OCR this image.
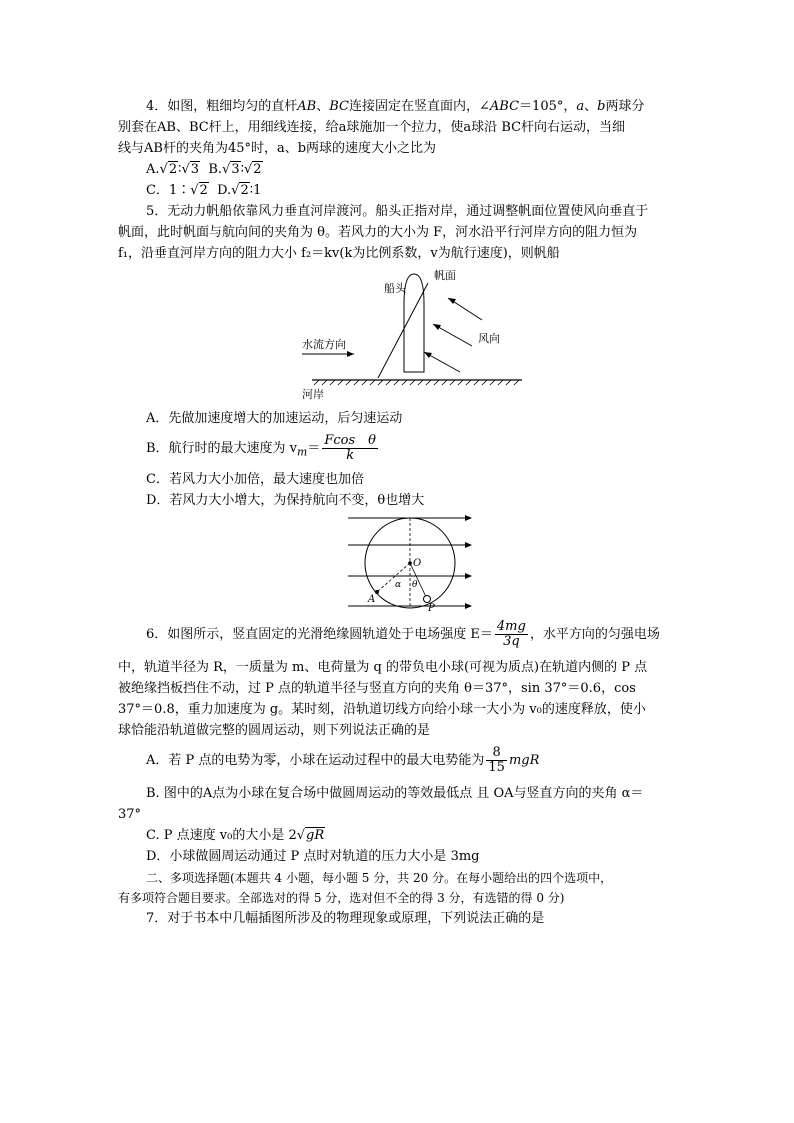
4．如图，粗细均匀的直杆AB、BC连接固定在竖直面内，∠ABC＝105°，a、b两球分
别套在AB、BC杆上，用细线连接，给a球施加一个拉力，使a球沿 BC杆向右运动，当细
线与AB杆的夹角为45°时，a、b两球的速度大小之比为
A.√2∶√3 B.√3∶√2
C．1∶√2 D.√2∶1
5．无动力帆船依靠风力垂直河岸渡河。船头正指对岸，通过调整帆面位置使风向垂直于
帆面，此时帆面与航向间的夹角为 θ。若风力的大小为 F，河水沿平行河岸方向的阻力恒为
f₁，沿垂直河岸方向的阻力大小 f₂＝kv(k为比例系数，v为航行速度)，则帆船
船头
帆面
风向
水流方向
河岸
A．先做加速度增大的加速运动，后匀速运动
B．航行时的最大速度为 $v_m= \frac{\text{Fcos　θ}}{k}$
C．若风力大小加倍，最大速度也加倍
D．若风力大小增大，为保持航向不变，θ也增大
O
A
P
α θ
6．如图所示，竖直固定的光滑绝缘圆轨道处于电场强度 $E= \frac{4mg}{3q}$ ，水平方向的匀强电场
中，轨道半径为 R，一质量为 m、电荷量为 q 的带负电小球(可视为质点)在轨道内侧的 P 点
被绝缘挡板挡住不动，过 P 点的轨道半径与竖直方向的夹角 θ＝37°，sin 37°＝0.6，cos
37°＝0.8，重力加速度为 g。某时刻，沿轨道切线方向给小球一大小为 v₀的速度释放，使小
球恰能沿轨道做完整的圆周运动，则下列说法正确的是
A．若 P 点的电势为零，小球在运动过程中的最大电势能为 $\frac{8}{15}$ mgR
B. 图中的A点为小球在复合场中做圆周运动的等效最低点 且 OA与竖直方向的夹角 α＝
37°
C. P 点速度 v₀的大小是 2√gR
D．小球做圆周运动通过 P 点时对轨道的压力大小是 3mg
二、多项选择题(本题共 4 小题，每小题 5 分，共 20 分。在每小题给出的四个选项中，
有多项符合题目要求。全部选对的得 5 分，选对但不全的得 3 分，有选错的得 0 分)
7．对于书本中几幅插图所涉及的物理现象或原理，下列说法正确的是
